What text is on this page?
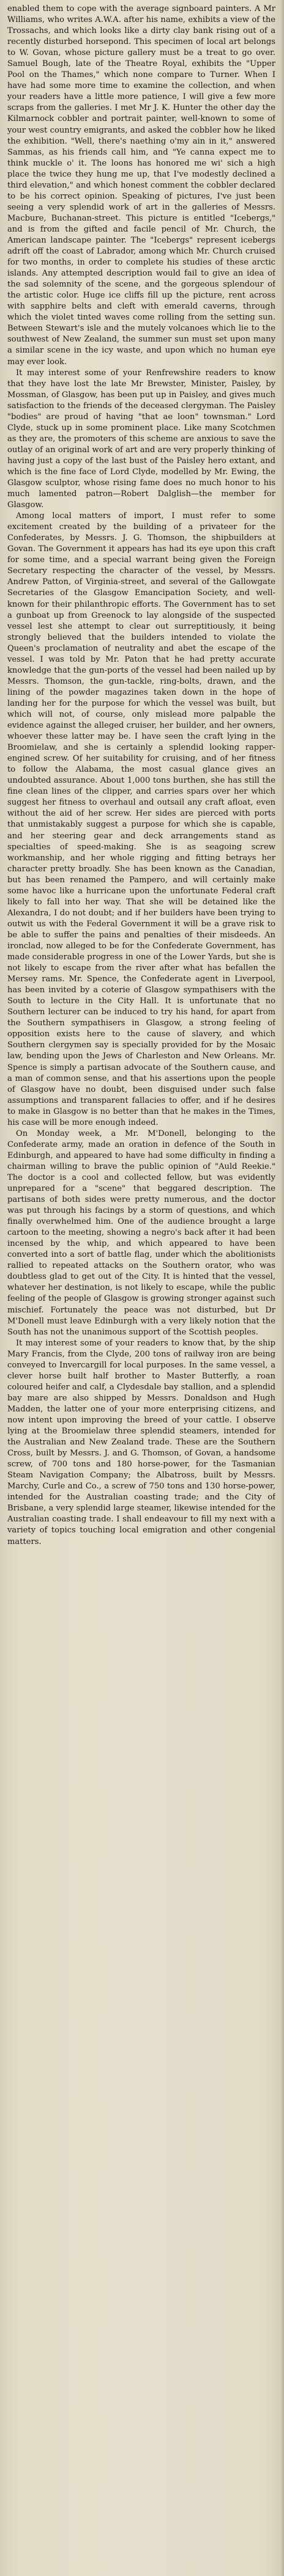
enabled them to cope with the average signboard painters. A Mr Williams, who writes A.W.A. after his name, exhibits a view of the Trossachs, and which looks like a dirty clay bank rising out of a recently disturbed horsepond. This specimen of local art belongs to W. Govan, whose picture gallery must be a treat to go over. Samuel Bough, late of the Theatre Royal, exhibits the "Upper Pool on the Thames," which none compare to Turner. When I have had some more time to examine the collection, and when your readers have a little more patience, I will give a few more scraps from the galleries. I met Mr J. K. Hunter the other day the Kilmarnock cobbler and portrait painter, well-known to some of your west country emigrants, and asked the cobbler how he liked the exhibition. "Well, there's naething o'my ain in it," answered Sammas, as his friends call him, and "Ye canna expect me to think muckle o' it. The loons has honored me wi' sich a high place the twice they hung me up, that I've modestly declined a third elevation," and which honest comment the cobbler declared to be his correct opinion. Speaking of pictures, I've just been seeing a very splendid work of art in the galleries of Messrs. Macbure, Buchanan-street. This picture is entitled "Icebergs," and is from the gifted and facile pencil of Mr. Church, the American landscape painter. The "Icebergs" represent icebergs adrift off the coast of Labrador, among which Mr. Church cruised for two months, in order to complete his studies of these arctic islands. Any attempted description would fail to give an idea of the sad solemnity of the scene, and the gorgeous splendour of the artistic color. Huge ice cliffs fill up the picture, rent across with sapphire belts and cleft with emerald caverns, through which the violet tinted waves come rolling from the setting sun. Between Stewart's isle and the mutely volcanoes which lie to the southwest of New Zealand, the summer sun must set upon many a similar scene in the icy waste, and upon which no human eye may ever look.

It may interest some of your Renfrewshire readers to know that they have lost the late Mr Brewster, Minister, Paisley, by Mossman, of Glasgow, has been put up in Paisley, and gives much satisfaction to the friends of the deceased clergyman. The Paisley "bodies" are proud of having "that ae loon" townsman." Lord Clyde, stuck up in some prominent place. Like many Scotchmen as they are, the promoters of this scheme are anxious to save the outlay of an original work of art and are very properly thinking of having just a copy of the last bust of the Paisley hero extant, and which is the fine face of Lord Clyde, modelled by Mr. Ewing, the Glasgow sculptor, whose rising fame does no much honor to his much lamented patron—Robert Dalglish—the member for Glasgow.

Among local matters of import, I must refer to some excitement created by the building of a privateer for the Confederates, by Messrs. J. G. Thomson, the shipbuilders at Govan. The Government it appears has had its eye upon this craft for some time, and a special warrant being given the Foreign Secretary respecting the character of the vessel, by Messrs. Andrew Patton, of Virginia-street, and several of the Gallowgate Secretaries of the Glasgow Emancipation Society, and well-known for their philanthropic efforts. The Government has to set a gunboat up from Greenock to lay alongside of the suspected vessel lest she attempt to clear out surreptitiously, it being strongly believed that the builders intended to violate the Queen's proclamation of neutrality and abet the escape of the vessel. I was told by Mr. Paton that he had pretty accurate knowledge that the gun-ports of the vessel had been nailed up by Messrs. Thomson, the gun-tackle, ring-bolts, drawn, and the lining of the powder magazines taken down in the hope of landing her for the purpose for which the vessel was built, but which will not, of course, only mislead more palpable the evidence against the alleged cruiser, her builder, and her owners, whoever these latter may be. I have seen the craft lying in the Broomielaw, and she is certainly a splendid looking rapper-engined screw. Of her suitability for cruising, and of her fitness to follow the Alabama, the most casual glance gives an undoubted assurance. About 1,000 tons burthen, she has still the fine clean lines of the clipper, and carries spars over her which suggest her fitness to overhaul and outsail any craft afloat, even without the aid of her screw. Her sides are pierced with ports that unmistakably suggest a purpose for which she is capable, and her steering gear and deck arrangements stand as specialties of speed-making. She is as seagoing screw workmanship, and her whole rigging and fitting betrays her character pretty broadly. She has been known as the Canadian, but has been renamed the Pampero, and will certainly make some havoc like a hurricane upon the unfortunate Federal craft likely to fall into her way. That she will be detained like the Alexandra, I do not doubt; and if her builders have been trying to outwit us with the Federal Government it will be a grave risk to be able to suffer the pains and penalties of their misdeeds. An ironclad, now alleged to be for the Confederate Government, has made considerable progress in one of the Lower Yards, but she is not likely to escape from the river after what has befallen the Mersey rams. Mr. Spence, the Confederate agent in Liverpool, has been invited by a coterie of Glasgow sympathisers with the South to lecture in the City Hall. It is unfortunate that no Southern lecturer can be induced to try his hand, for apart from the Southern sympathisers in Glasgow, a strong feeling of opposition exists here to the cause of slavery, and which Southern clergymen say is specially provided for by the Mosaic law, bending upon the Jews of Charleston and New Orleans. Mr. Spence is simply a partisan advocate of the Southern cause, and a man of common sense, and that his assertions upon the people of Glasgow have no doubt, been disguised under such false assumptions and transparent fallacies to offer, and if he desires to make in Glasgow is no better than that he makes in the Times, his case will be more enough indeed.

On Monday week, a Mr. M'Donell, belonging to the Confederate army, made an oration in defence of the South in Edinburgh, and appeared to have had some difficulty in finding a chairman willing to brave the public opinion of "Auld Reekie." The doctor is a cool and collected fellow, but was evidently unprepared for a "scene" that beggared description. The partisans of both sides were pretty numerous, and the doctor was put through his facings by a storm of questions, and which finally overwhelmed him. One of the audience brought a large cartoon to the meeting, showing a negro's back after it had been incensed by the whip, and which appeared to have been converted into a sort of battle flag, under which the abolitionists rallied to repeated attacks on the Southern orator, who was doubtless glad to get out of the City. It is hinted that the vessel, whatever her destination, is not likely to escape, while the public feeling of the people of Glasgow is growing stronger against such mischief. Fortunately the peace was not disturbed, but Dr M'Donell must leave Edinburgh with a very likely notion that the South has not the unanimous support of the Scottish peoples.

It may interest some of your readers to know that, by the ship Mary Francis, from the Clyde, 200 tons of railway iron are being conveyed to Invercargill for local purposes. In the same vessel, a clever horse built half brother to Master Butterfly, a roan coloured heifer and calf, a Clydesdale bay stallion, and a splendid bay mare are also shipped by Messrs. Donaldson and Hugh Madden, the latter one of your more enterprising citizens, and now intent upon improving the breed of your cattle. I observe lying at the Broomielaw three splendid steamers, intended for the Australian and New Zealand trade. These are the Southern Cross, built by Messrs. J. and G. Thomson, of Govan, a handsome screw, of 700 tons and 180 horse-power, for the Tasmanian Steam Navigation Company; the Albatross, built by Messrs. Marchy, Curle and Co., a screw of 750 tons and 130 horse-power, intended for the Australian coasting trade; and the City of Brisbane, a very splendid large steamer, likewise intended for the Australian coasting trade. I shall endeavour to fill my next with a variety of topics touching local emigration and other congenial matters.
